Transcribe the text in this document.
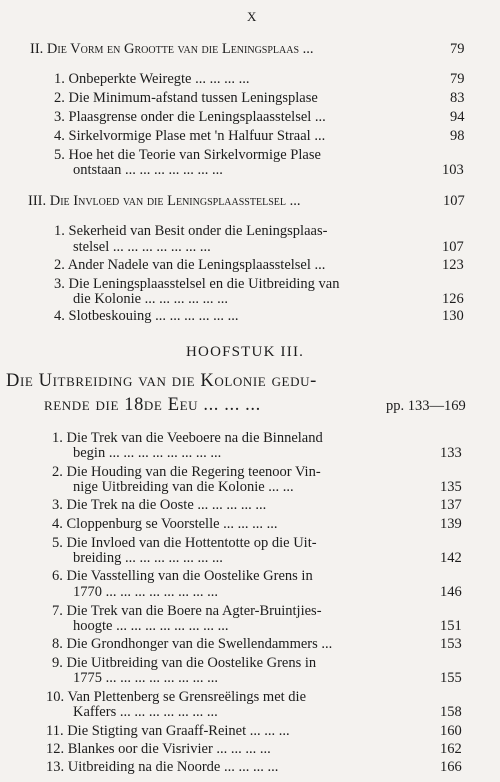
X
II. Die Vorm en Grootte van die Leningsplaas ...	79
1. Onbeperkte Weiregte ... ... ... ...	79
2. Die Minimum-afstand tussen Leningsplase	83
3. Plaasgrense onder die Leningsplaasstelsel ...	94
4. Sirkelvormige Plase met 'n Halfuur Straal ...	98
5. Hoe het die Teorie van Sirkelvormige Plase
ontstaan ... ... ... ... ... ... ...	103
III. Die Invloed van die Leningsplaasstelsel ...	107
1. Sekerheid van Besit onder die Leningsplaas-
stelsel ... ... ... ... ... ... ...	107
2. Ander Nadele van die Leningsplaasstelsel ...	123
3. Die Leningsplaasstelsel en die Uitbreiding van
die Kolonie ... ... ... ... ... ...	126
4. Slotbeskouing ... ... ... ... ... ...	130
HOOFSTUK III.
Die Uitbreiding van die Kolonie gedu-
rende die 18de Eeu ... ... ...	pp. 133—169
1. Die Trek van die Veeboere na die Binneland
begin ... ... ... ... ... ... ... ...	133
2. Die Houding van die Regering teenoor Vin-
nige Uitbreiding van die Kolonie ... ...	135
3. Die Trek na die Ooste ... ... ... ... ...	137
4. Cloppenburg se Voorstelle ... ... ... ...	139
5. Die Invloed van die Hottentotte op die Uit-
breiding ... ... ... ... ... ... ...	142
6. Die Vasstelling van die Oostelike Grens in
1770 ... ... ... ... ... ... ... ...	146
7. Die Trek van die Boere na Agter-Bruintjies-
hoogte ... ... ... ... ... ... ... ...	151
8. Die Grondhonger van die Swellendammers ...	153
9. Die Uitbreiding van die Oostelike Grens in
1775 ... ... ... ... ... ... ... ...	155
10. Van Plettenberg se Grensreëlings met die
Kaffers ... ... ... ... ... ... ...	158
11. Die Stigting van Graaff-Reinet ... ... ...	160
12. Blankes oor die Visrivier ... ... ... ...	162
13. Uitbreiding na die Noorde ... ... ... ...	166
